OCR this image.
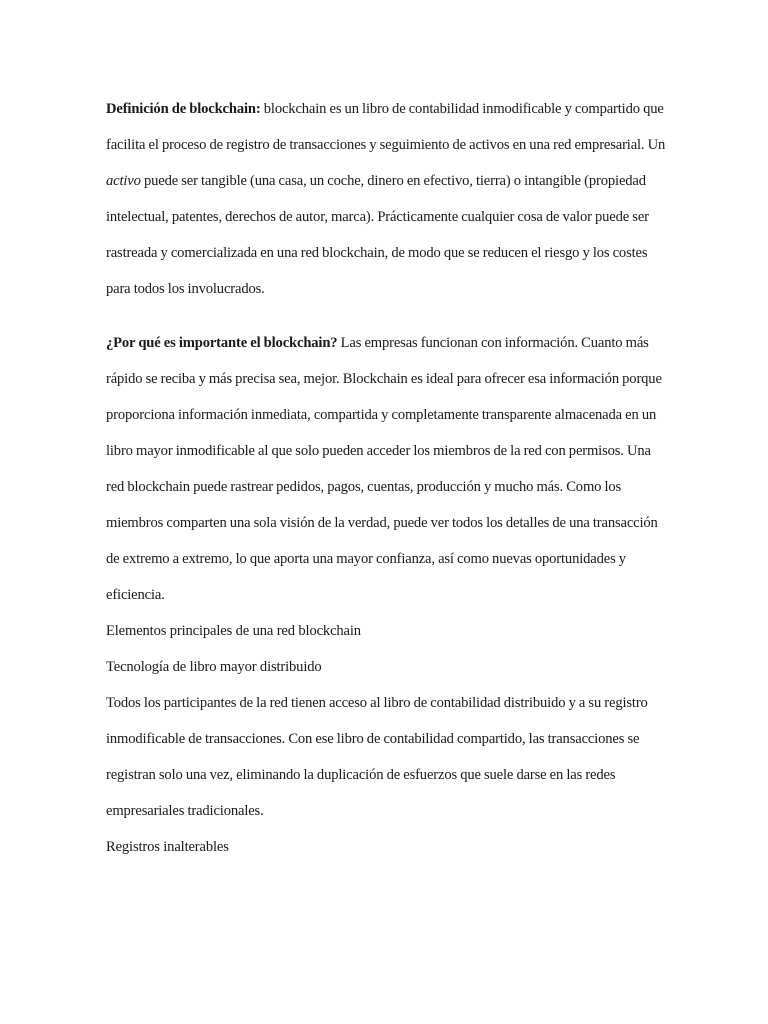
Definición de blockchain: blockchain es un libro de contabilidad inmodificable y compartido que facilita el proceso de registro de transacciones y seguimiento de activos en una red empresarial. Un activo puede ser tangible (una casa, un coche, dinero en efectivo, tierra) o intangible (propiedad intelectual, patentes, derechos de autor, marca). Prácticamente cualquier cosa de valor puede ser rastreada y comercializada en una red blockchain, de modo que se reducen el riesgo y los costes para todos los involucrados.

¿Por qué es importante el blockchain? Las empresas funcionan con información. Cuanto más rápido se reciba y más precisa sea, mejor. Blockchain es ideal para ofrecer esa información porque proporciona información inmediata, compartida y completamente transparente almacenada en un libro mayor inmodificable al que solo pueden acceder los miembros de la red con permisos. Una red blockchain puede rastrear pedidos, pagos, cuentas, producción y mucho más. Como los miembros comparten una sola visión de la verdad, puede ver todos los detalles de una transacción de extremo a extremo, lo que aporta una mayor confianza, así como nuevas oportunidades y eficiencia.

Elementos principales de una red blockchain

Tecnología de libro mayor distribuido

Todos los participantes de la red tienen acceso al libro de contabilidad distribuido y a su registro inmodificable de transacciones. Con ese libro de contabilidad compartido, las transacciones se registran solo una vez, eliminando la duplicación de esfuerzos que suele darse en las redes empresariales tradicionales.

Registros inalterables
